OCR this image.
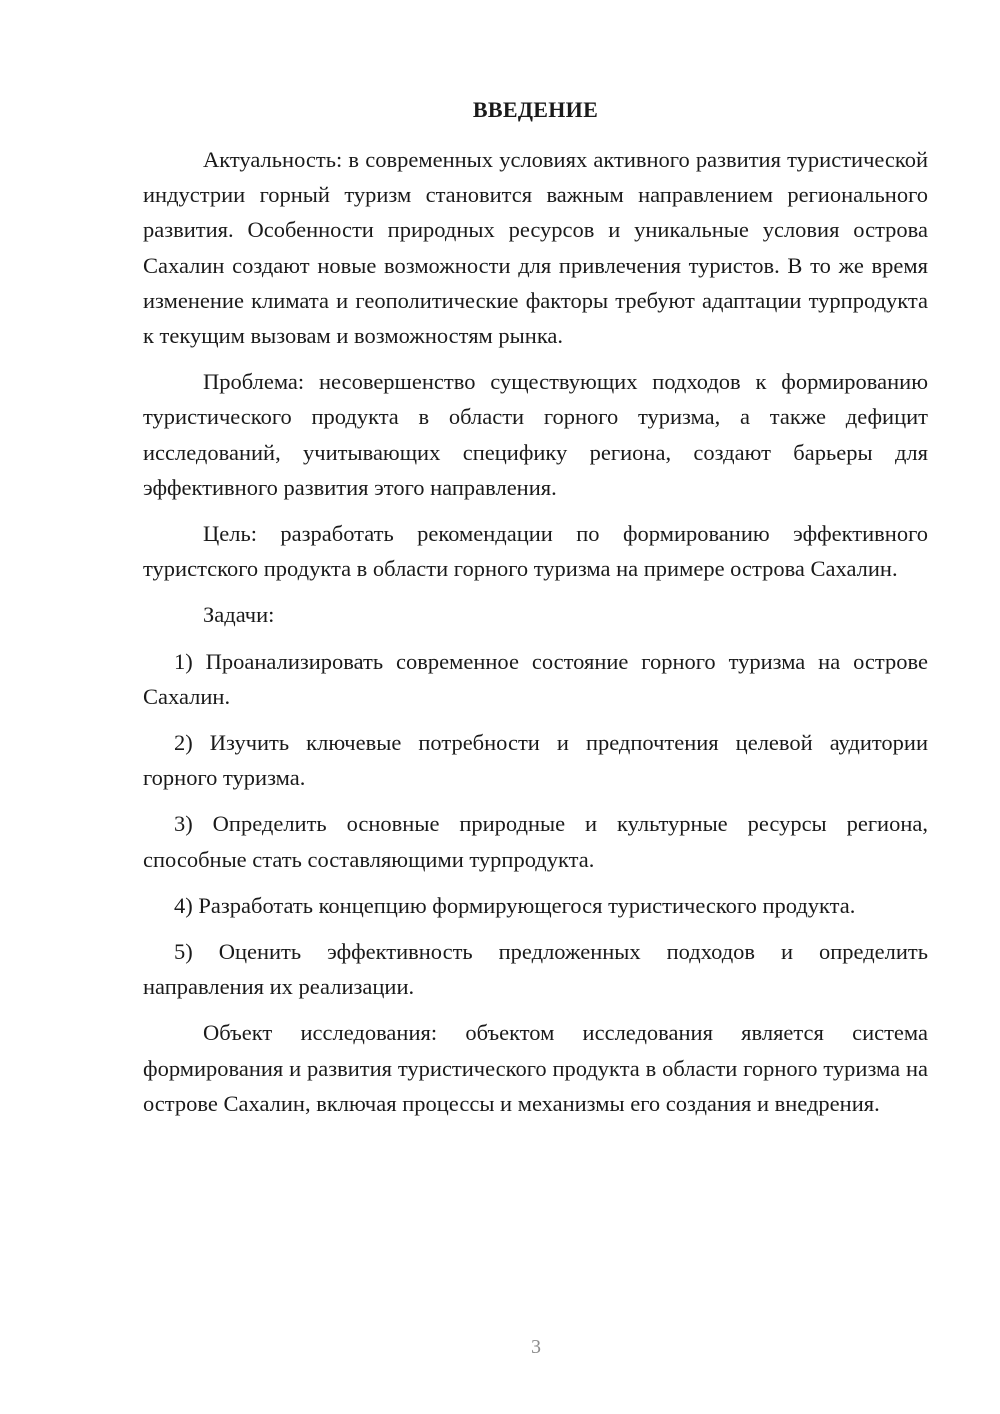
ВВЕДЕНИЕ

Актуальность: в современных условиях активного развития туристической индустрии горный туризм становится важным направлением регионального развития. Особенности природных ресурсов и уникальные условия острова Сахалин создают новые возможности для привлечения туристов. В то же время изменение климата и геополитические факторы требуют адаптации турпродукта к текущим вызовам и возможностям рынка.

Проблема: несовершенство существующих подходов к формированию туристического продукта в области горного туризма, а также дефицит исследований, учитывающих специфику региона, создают барьеры для эффективного развития этого направления.

Цель: разработать рекомендации по формированию эффективного туристского продукта в области горного туризма на примере острова Сахалин.

Задачи:

1) Проанализировать современное состояние горного туризма на острове Сахалин.

2) Изучить ключевые потребности и предпочтения целевой аудитории горного туризма.

3) Определить основные природные и культурные ресурсы региона, способные стать составляющими турпродукта.

4) Разработать концепцию формирующегося туристического продукта.

5) Оценить эффективность предложенных подходов и определить направления их реализации.

Объект исследования: объектом исследования является система формирования и развития туристического продукта в области горного туризма на острове Сахалин, включая процессы и механизмы его создания и внедрения.

3
